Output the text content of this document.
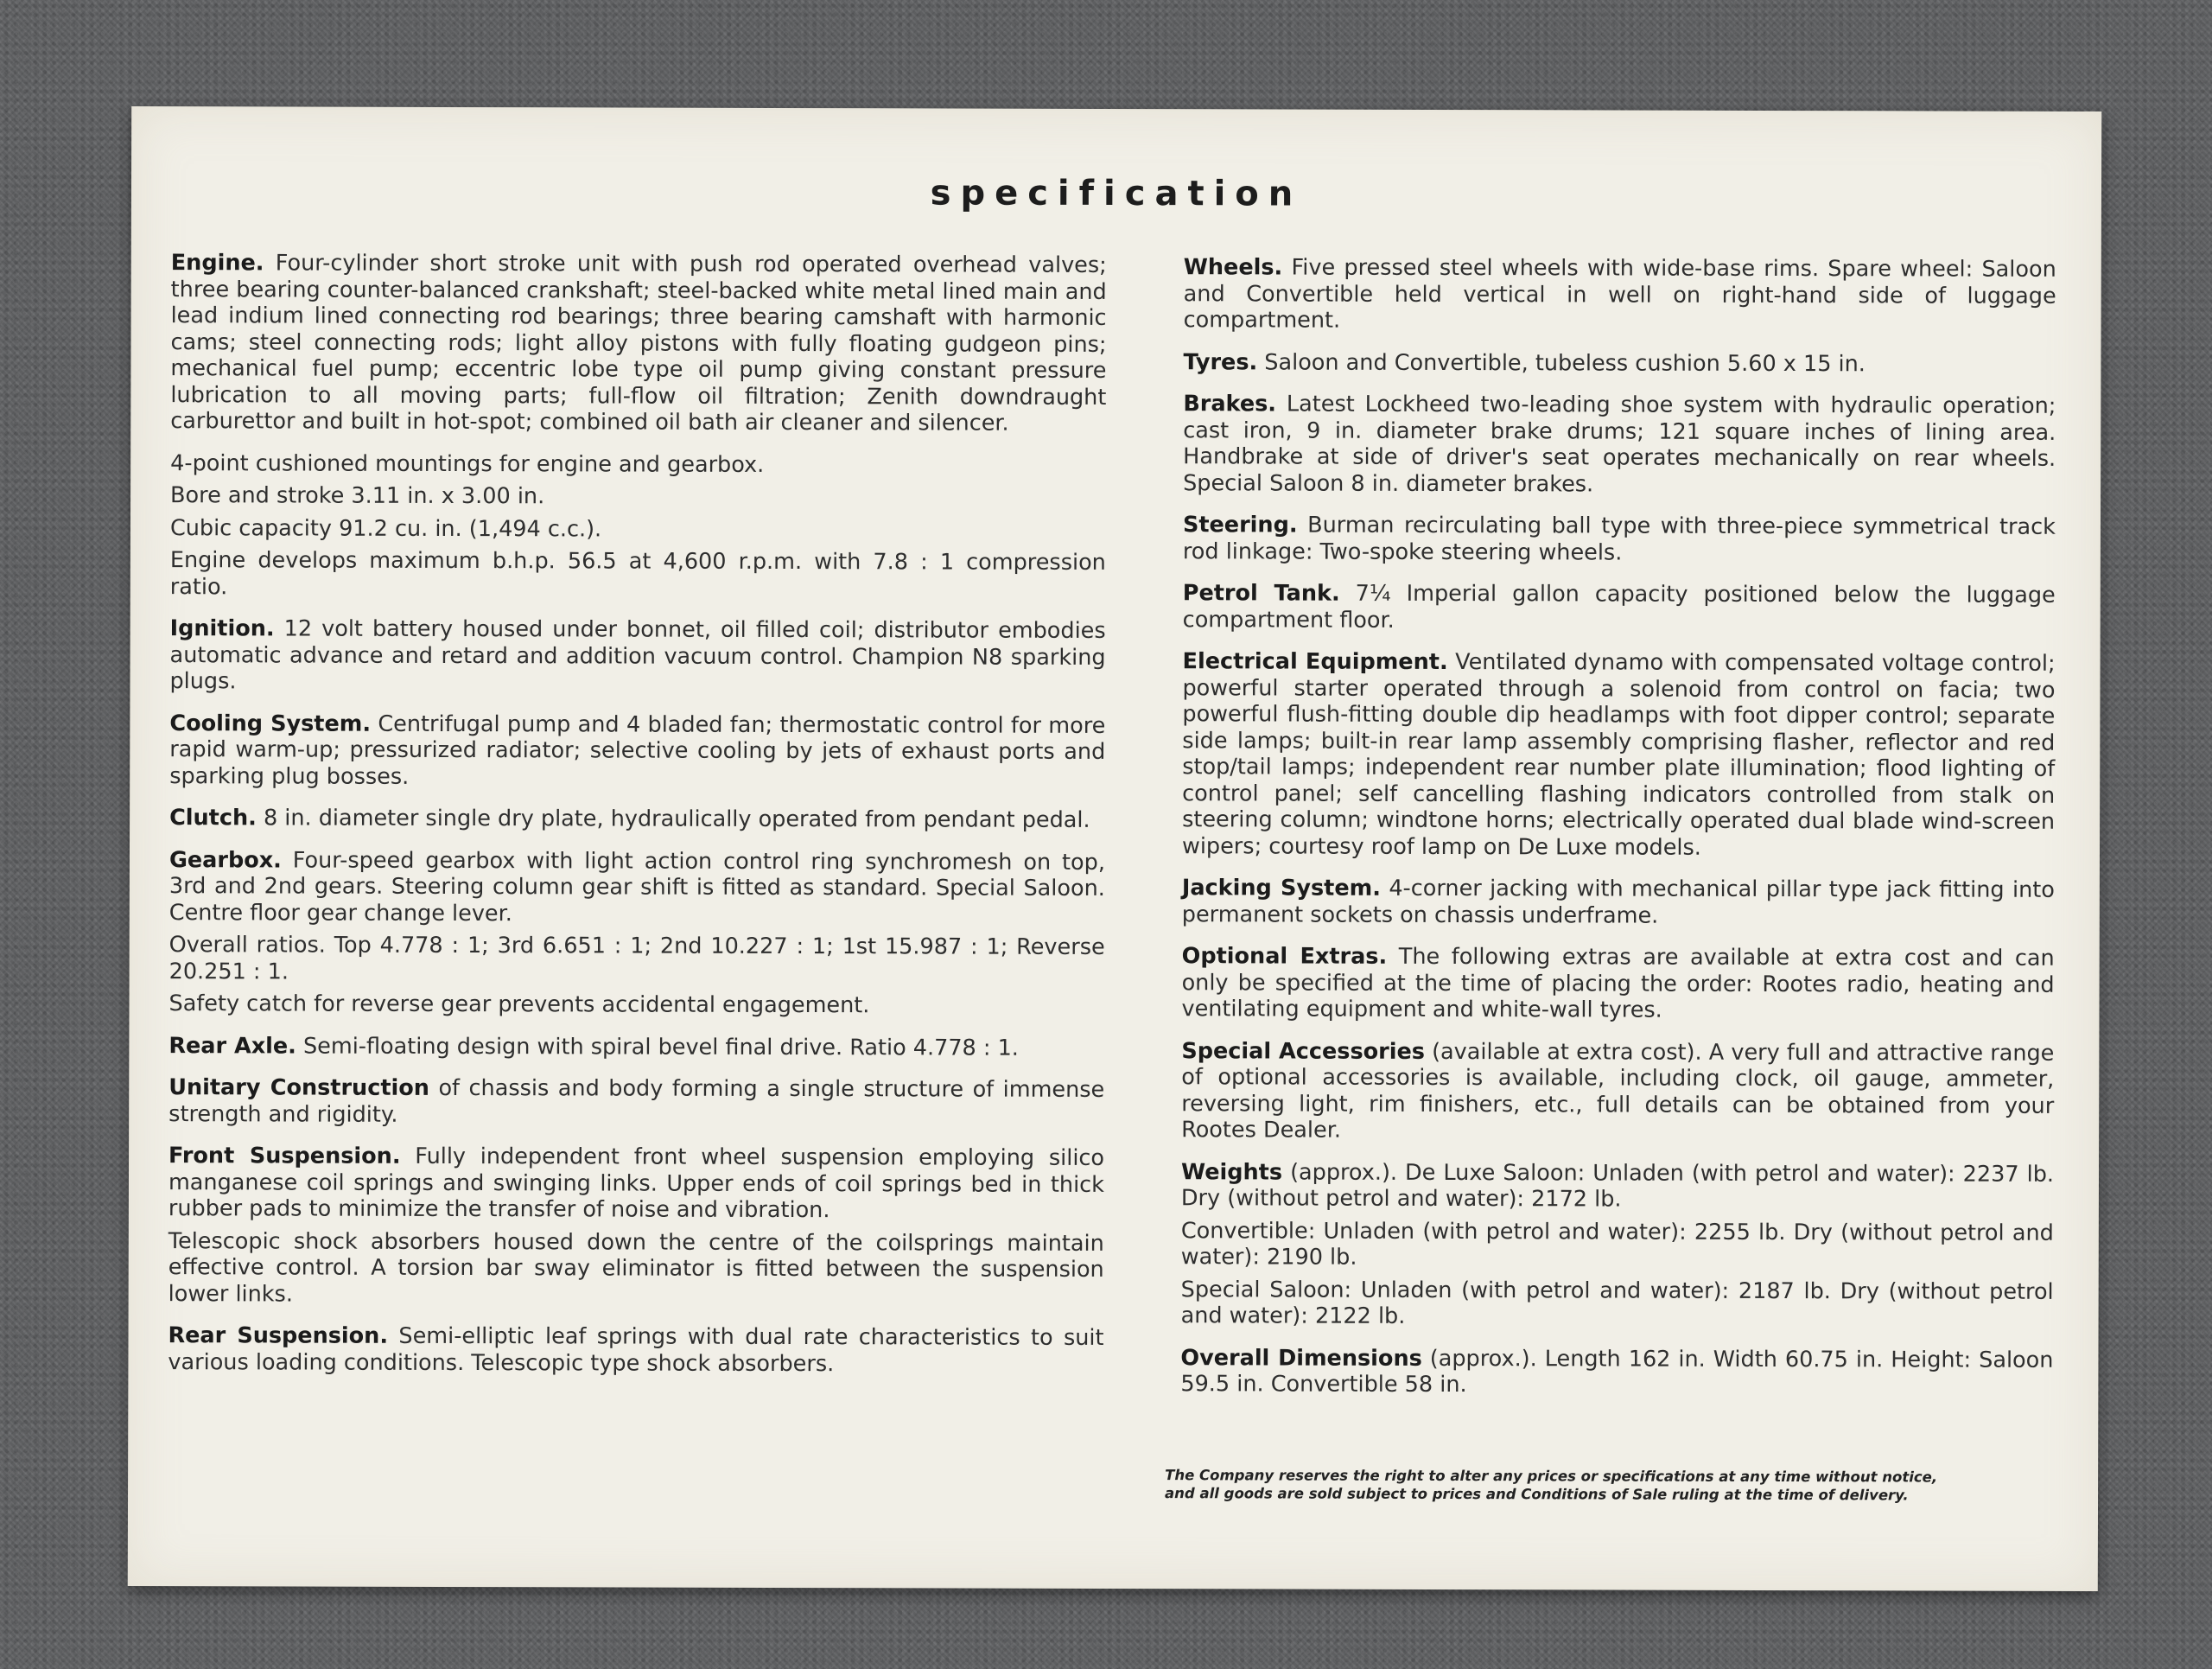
specification

Engine. Four-cylinder short stroke unit with push rod operated overhead valves; three bearing counter-balanced crankshaft; steel-backed white metal lined main and lead indium lined connecting rod bearings; three bearing camshaft with harmonic cams; steel connecting rods; light alloy pistons with fully floating gudgeon pins; mechanical fuel pump; eccentric lobe type oil pump giving constant pressure lubrication to all moving parts; full-flow oil filtration; Zenith downdraught carburettor and built in hot-spot; combined oil bath air cleaner and silencer.

4-point cushioned mountings for engine and gearbox.

Bore and stroke 3.11 in. x 3.00 in.

Cubic capacity 91.2 cu. in. (1,494 c.c.).

Engine develops maximum b.h.p. 56.5 at 4,600 r.p.m. with 7.8 : 1 compression ratio.

Ignition. 12 volt battery housed under bonnet, oil filled coil; distributor embodies automatic advance and retard and addition vacuum control. Champion N8 sparking plugs.

Cooling System. Centrifugal pump and 4 bladed fan; thermostatic control for more rapid warm-up; pressurized radiator; selective cooling by jets of exhaust ports and sparking plug bosses.

Clutch. 8 in. diameter single dry plate, hydraulically operated from pendant pedal.

Gearbox. Four-speed gearbox with light action control ring synchromesh on top, 3rd and 2nd gears. Steering column gear shift is fitted as standard. Special Saloon. Centre floor gear change lever.

Overall ratios. Top 4.778 : 1; 3rd 6.651 : 1; 2nd 10.227 : 1; 1st 15.987 : 1; Reverse 20.251 : 1.

Safety catch for reverse gear prevents accidental engagement.

Rear Axle. Semi-floating design with spiral bevel final drive. Ratio 4.778 : 1.

Unitary Construction of chassis and body forming a single structure of immense strength and rigidity.

Front Suspension. Fully independent front wheel suspension employing silico manganese coil springs and swinging links. Upper ends of coil springs bed in thick rubber pads to minimize the transfer of noise and vibration.

Telescopic shock absorbers housed down the centre of the coilsprings maintain effective control. A torsion bar sway eliminator is fitted between the suspension lower links.

Rear Suspension. Semi-elliptic leaf springs with dual rate characteristics to suit various loading conditions. Telescopic type shock absorbers.

Wheels. Five pressed steel wheels with wide-base rims. Spare wheel: Saloon and Convertible held vertical in well on right-hand side of luggage compartment.

Tyres. Saloon and Convertible, tubeless cushion 5.60 x 15 in.

Brakes. Latest Lockheed two-leading shoe system with hydraulic operation; cast iron, 9 in. diameter brake drums; 121 square inches of lining area. Handbrake at side of driver's seat operates mechanically on rear wheels. Special Saloon 8 in. diameter brakes.

Steering. Burman recirculating ball type with three-piece symmetrical track rod linkage: Two-spoke steering wheels.

Petrol Tank. 7¼ Imperial gallon capacity positioned below the luggage compartment floor.

Electrical Equipment. Ventilated dynamo with compensated voltage control; powerful starter operated through a solenoid from control on facia; two powerful flush-fitting double dip headlamps with foot dipper control; separate side lamps; built-in rear lamp assembly comprising flasher, reflector and red stop/tail lamps; independent rear number plate illumination; flood lighting of control panel; self cancelling flashing indicators controlled from stalk on steering column; windtone horns; electrically operated dual blade wind-screen wipers; courtesy roof lamp on De Luxe models.

Jacking System. 4-corner jacking with mechanical pillar type jack fitting into permanent sockets on chassis underframe.

Optional Extras. The following extras are available at extra cost and can only be specified at the time of placing the order: Rootes radio, heating and ventilating equipment and white-wall tyres.

Special Accessories (available at extra cost). A very full and attractive range of optional accessories is available, including clock, oil gauge, ammeter, reversing light, rim finishers, etc., full details can be obtained from your Rootes Dealer.

Weights (approx.). De Luxe Saloon: Unladen (with petrol and water): 2237 lb. Dry (without petrol and water): 2172 lb.

Convertible: Unladen (with petrol and water): 2255 lb. Dry (without petrol and water): 2190 lb.

Special Saloon: Unladen (with petrol and water): 2187 lb. Dry (without petrol and water): 2122 lb.

Overall Dimensions (approx.). Length 162 in. Width 60.75 in. Height: Saloon 59.5 in. Convertible 58 in.

The Company reserves the right to alter any prices or specifications at any time without notice,
and all goods are sold subject to prices and Conditions of Sale ruling at the time of delivery.
